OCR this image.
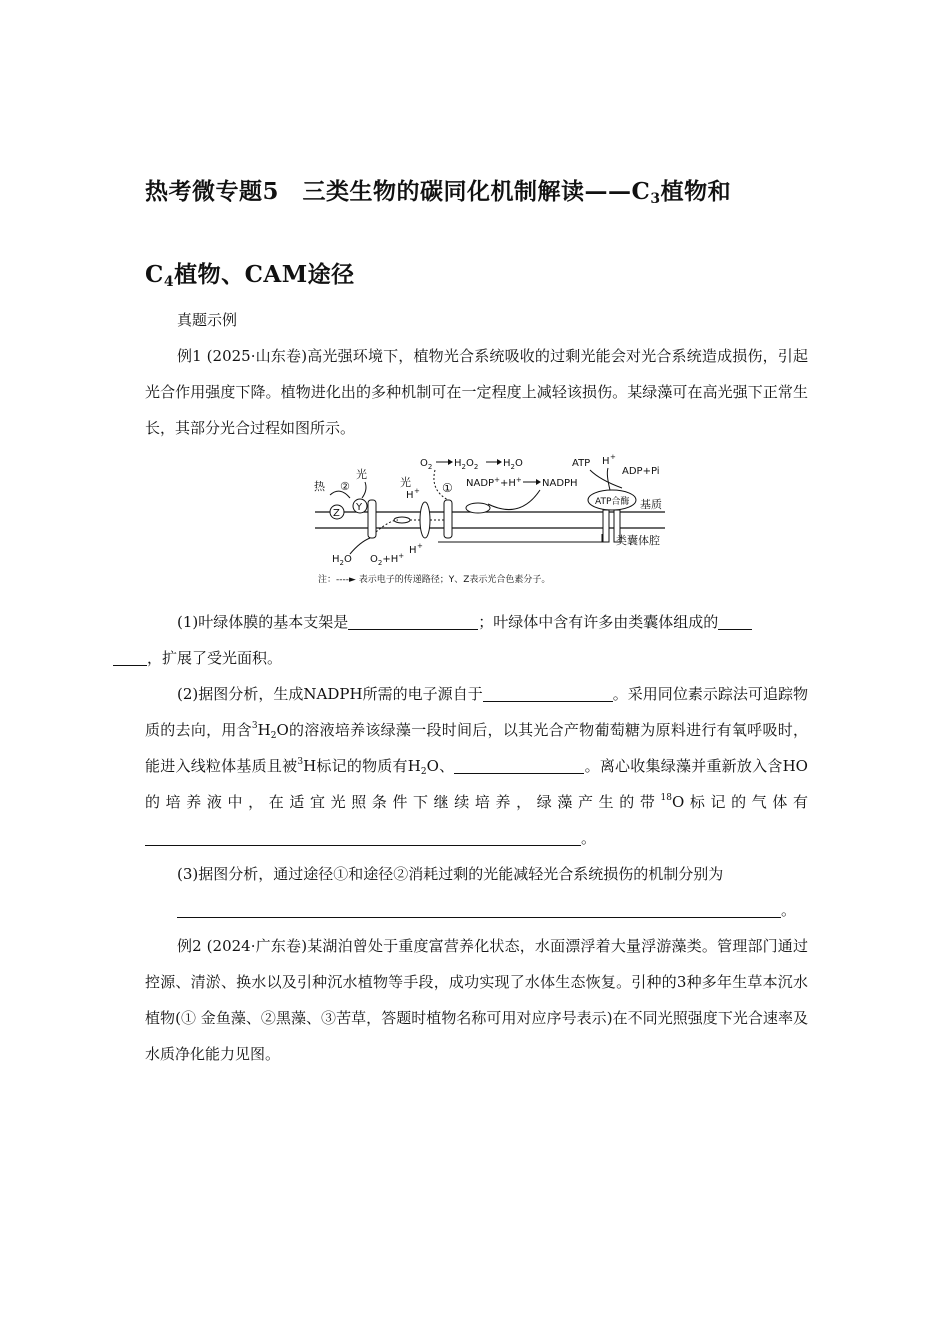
热考微专题5　三类生物的碳同化机制解读$——C_3$植物和
$C_4$植物、CAM途径
真题示例
例1 (2025·山东卷)高光强环境下，植物光合系统吸收的过剩光能会对光合系统造成损伤，引起光合作用强度下降。植物进化出的多种机制可在一定程度上减轻该损伤。某绿藻可在高光强下正常生长，其部分光合过程如图所示。
Z
Y
热 ②
光
H +
H +
光	①
$O_2$ $H_2O_2$ $H_2O$
NADP++H+ NADPH
ATP合酶
ATP H +
ADP+Pi
基质
类囊体腔
$H_2O$ $O_2+H^+$
注：----► 表示电子的传递路径；Y、Z表示光合色素分子。
(1)叶绿体膜的基本支架是	；叶绿体中含有许多由类囊体组成的
，扩展了受光面积。
(2)据图分析，生成NADPH所需的电子源自于	。采用同位素示踪法可追踪物质的去向，用含$^3H_2O$的溶液培养该绿藻一段时间后，以其光合产物葡萄糖为原料进行有氧呼吸时，能进入线粒体基质且被$^3$H标记的物质有$H_2O$、	。离心收集绿藻并重新放入含HO的培养液中，在适宜光照条件下继续培养，绿藻产生的带$^{18}$O标记的气体有。
(3)据图分析，通过途径①和途径②消耗过剩的光能减轻光合系统损伤的机制分别为
。
例2 (2024·广东卷)某湖泊曾处于重度富营养化状态，水面漂浮着大量浮游藻类。管理部门通过控源、清淤、换水以及引种沉水植物等手段，成功实现了水体生态恢复。引种的3种多年生草本沉水植物(① 金鱼藻、②黑藻、③苦草，答题时植物名称可用对应序号表示)在不同光照强度下光合速率及水质净化能力见图。
